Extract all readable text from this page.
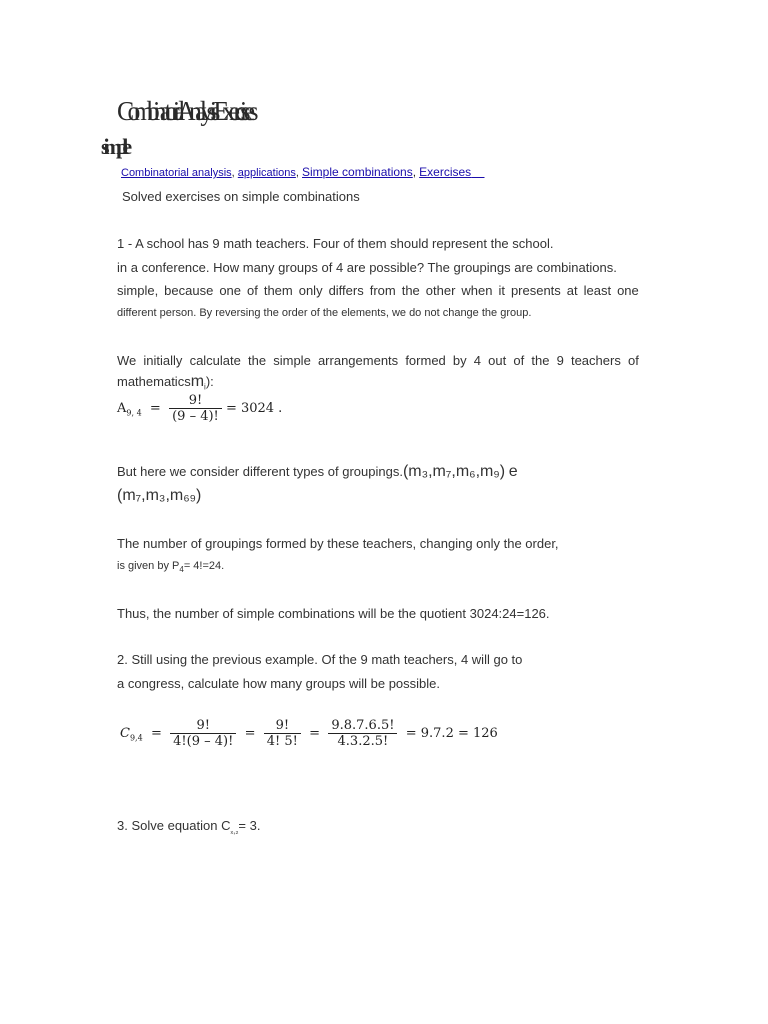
Combinatorial Analysis Exercises
simple
Combinatorial analysis, applications, Simple combinations, Exercises
Solved exercises on simple combinations
1 - A school has 9 math teachers. Four of them should represent the school.
in a conference. How many groups of 4 are possible? The groupings are combinations.
simple, because one of them only differs from the other when it presents at least one
different person. By reversing the order of the elements, we do not change the group.
We initially calculate the simple arrangements formed by 4 out of the 9 teachers of
mathematicsm$_i$):
$A_{9, 4} = \frac{9!}{(9 - 4)!} = 3024$ .
But here we consider different types of groupings.(m₃,m₇,m₆,m₉) e
(m₇,m₃,m₆₉)
The number of groupings formed by these teachers, changing only the order,
is given by $P_4= 4!=24$.
Thus, the number of simple combinations will be the quotient 3024:24=126.
2. Still using the previous example. Of the 9 math teachers, 4 will go to
a congress, calculate how many groups will be possible.
$C_{9,4} = \frac{9!}{4!(9 - 4)!} = \frac{9!}{4! 5!} = \frac{9.8.7.6.5!}{4.3.2.5!} = 9.7.2 = 126$
3. Solve equation $C_{_x,_2}= 3$.
